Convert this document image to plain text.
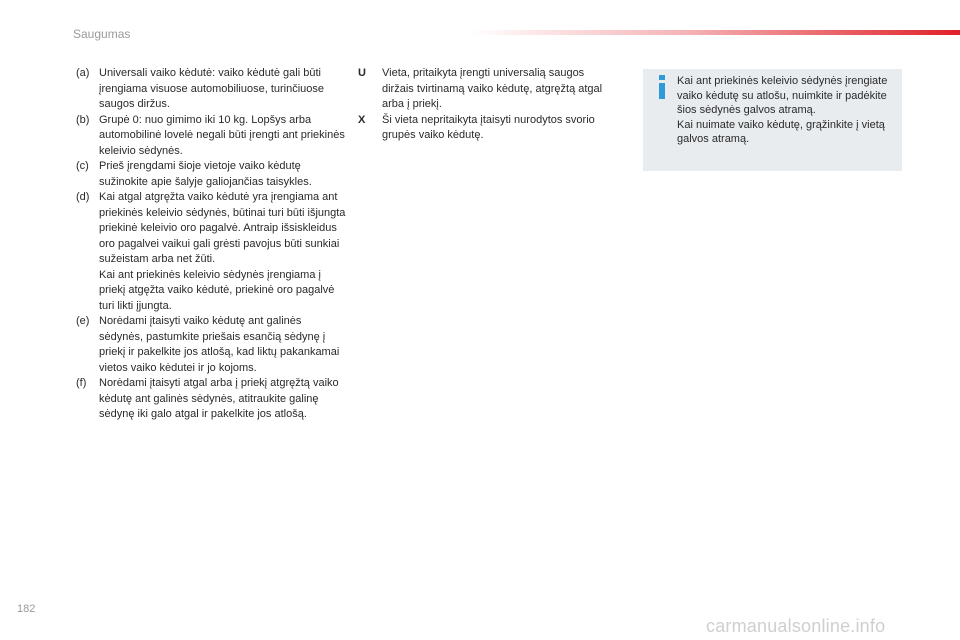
Saugumas
(a) Universali vaiko kėdutė: vaiko kėdutė gali būti įrengiama visuose automobiliuose, turinčiuose saugos diržus.
(b) Grupė 0: nuo gimimo iki 10 kg. Lopšys arba automobilinė lovelė negali būti įrengti ant priekinės keleivio sėdynės.
(c) Prieš įrengdami šioje vietoje vaiko kėdutę sužinokite apie šalyje galiojančias taisykles.
(d) Kai atgal atgręžta vaiko kėdutė yra įrengiama ant priekinės keleivio sėdynės, būtinai turi būti išjungta priekinė keleivio oro pagalvė. Antraip išsiskleidus oro pagalvei vaikui gali grėsti pavojus būti sunkiai sužeistam arba net žūti.
Kai ant priekinės keleivio sėdynės įrengiama į priekį atgęžta vaiko kėdutė, priekinė oro pagalvė turi likti įjungta.
(e) Norėdami įtaisyti vaiko kėdutę ant galinės sėdynės, pastumkite priešais esančią sėdynę į priekį ir pakelkite jos atlošą, kad liktų pakankamai vietos vaiko kėdutei ir jo kojoms.
(f) Norėdami įtaisyti atgal arba į priekį atgręžtą vaiko kėdutę ant galinės sėdynės, atitraukite galinę sėdynę iki galo atgal ir pakelkite jos atlošą.
U Vieta, pritaikyta įrengti universalią saugos diržais tvirtinamą vaiko kėdutę, atgręžtą atgal arba į priekį.
X Ši vieta nepritaikyta įtaisyti nurodytos svorio grupės vaiko kėdutę.

Kai ant priekinės keleivio sėdynės įrengiate vaiko kėdutę su atlošu, nuimkite ir padėkite šios sėdynės galvos atramą.

Kai nuimate vaiko kėdutę, grąžinkite į vietą galvos atramą.

182
carmanualsonline.info
